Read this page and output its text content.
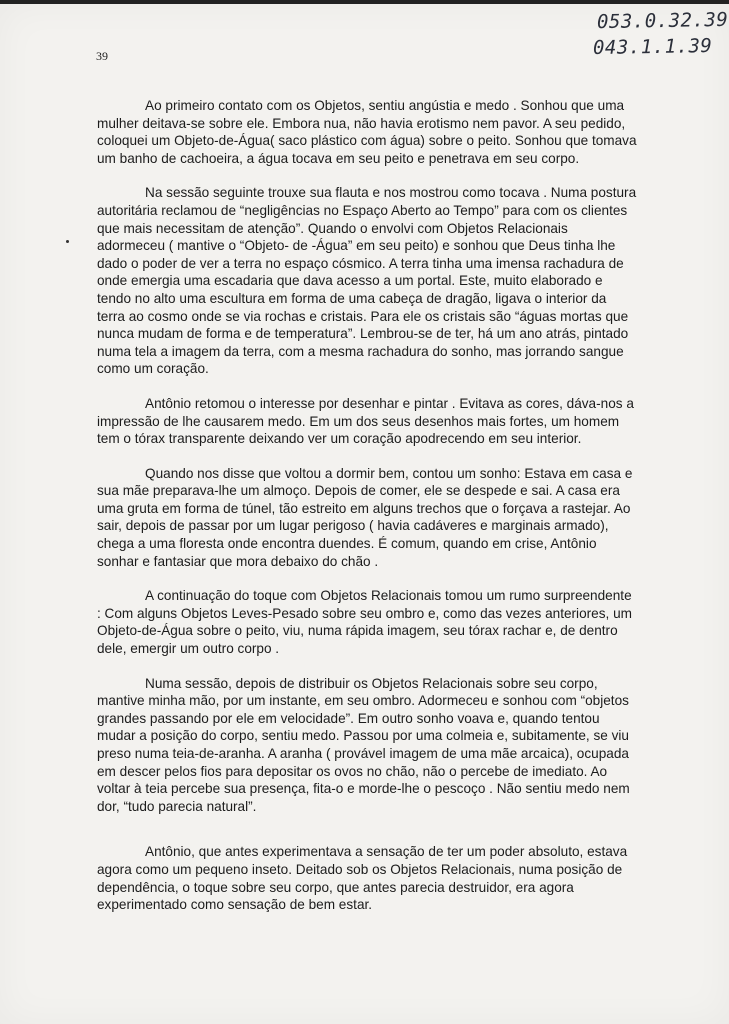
053.0.32.39
043.1.1.39
39

Ao primeiro contato com os Objetos, sentiu angústia e medo . Sonhou que uma mulher deitava-se sobre ele. Embora nua, não havia erotismo nem pavor. A seu pedido, coloquei um Objeto-de-Água( saco plástico com água) sobre o peito. Sonhou que tomava um banho de cachoeira, a água tocava em seu peito e penetrava em seu corpo.

Na sessão seguinte trouxe sua flauta e nos mostrou como tocava . Numa postura autoritária reclamou de “negligências no Espaço Aberto ao Tempo” para com os clientes que mais necessitam de atenção”. Quando o envolvi com Objetos Relacionais adormeceu ( mantive o “Objeto- de -Água” em seu peito) e sonhou que Deus tinha lhe dado o poder de ver a terra no espaço cósmico. A terra tinha uma imensa rachadura de onde emergia uma escadaria que dava acesso a um portal. Este, muito elaborado e tendo no alto uma escultura em forma de uma cabeça de dragão, ligava o interior da terra ao cosmo onde se via rochas e cristais. Para ele os cristais são “águas mortas que nunca mudam de forma e de temperatura”. Lembrou-se de ter, há um ano atrás, pintado numa tela a imagem da terra, com a mesma rachadura do sonho, mas jorrando sangue como um coração.

Antônio retomou o interesse por desenhar e pintar . Evitava as cores, dáva-nos a impressão de lhe causarem medo. Em um dos seus desenhos mais fortes, um homem tem o tórax transparente deixando ver um coração apodrecendo em seu interior.

Quando nos disse que voltou a dormir bem, contou um sonho: Estava em casa e sua mãe preparava-lhe um almoço. Depois de comer, ele se despede e sai. A casa era uma gruta em forma de túnel, tão estreito em alguns trechos que o forçava a rastejar. Ao sair, depois de passar por um lugar perigoso ( havia cadáveres e marginais armado), chega a uma floresta onde encontra duendes. É comum, quando em crise, Antônio sonhar e fantasiar que mora debaixo do chão .

A continuação do toque com Objetos Relacionais tomou um rumo surpreendente : Com alguns Objetos Leves-Pesado sobre seu ombro e, como das vezes anteriores, um Objeto-de-Água sobre o peito, viu, numa rápida imagem, seu tórax rachar e, de dentro dele, emergir um outro corpo .

Numa sessão, depois de distribuir os Objetos Relacionais sobre seu corpo, mantive minha mão, por um instante, em seu ombro. Adormeceu e sonhou com “objetos grandes passando por ele em velocidade”. Em outro sonho voava e, quando tentou mudar a posição do corpo, sentiu medo. Passou por uma colmeia e, subitamente, se viu preso numa teia-de-aranha. A aranha ( provável imagem de uma mãe arcaica), ocupada em descer pelos fios para depositar os ovos no chão, não o percebe de imediato. Ao voltar à teia percebe sua presença, fita-o e morde-lhe o pescoço . Não sentiu medo nem dor, “tudo parecia natural”.

Antônio, que antes experimentava a sensação de ter um poder absoluto, estava agora como um pequeno inseto. Deitado sob os Objetos Relacionais, numa posição de dependência, o toque sobre seu corpo, que antes parecia destruidor, era agora experimentado como sensação de bem estar.
